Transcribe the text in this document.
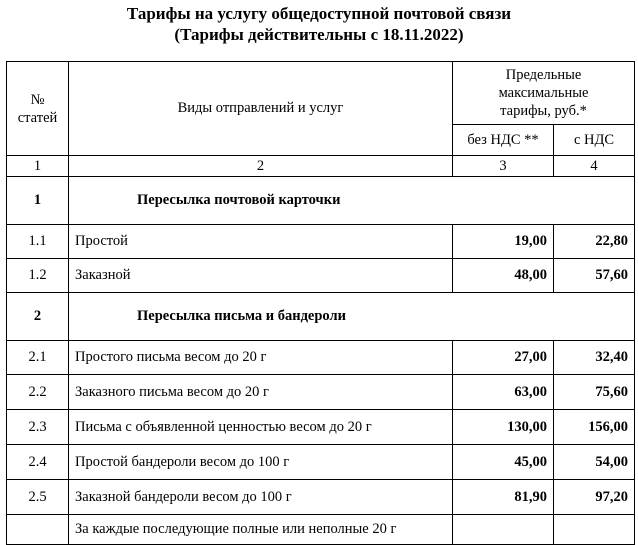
Тарифы на услугу общедоступной почтовой связи
(Тарифы действительны с 18.11.2022)
№ статей	Виды отправлений и услуг	Предельные максимальные тарифы, руб.*	
		без НДС **	с НДС
1	2	3	4
1	Пересылка почтовой карточки		
1.1	Простой	19,00	22,80
1.2	Заказной	48,00	57,60
2	Пересылка письма и бандероли		
2.1	Простого письма весом до 20 г	27,00	32,40
2.2	Заказного письма весом до 20 г	63,00	75,60
2.3	Письма с объявленной ценностью весом до 20 г	130,00	156,00
2.4	Простой бандероли весом до 100 г	45,00	54,00
2.5	Заказной бандероли весом до 100 г	81,90	97,20
	За каждые последующие полные или неполные 20 г		
